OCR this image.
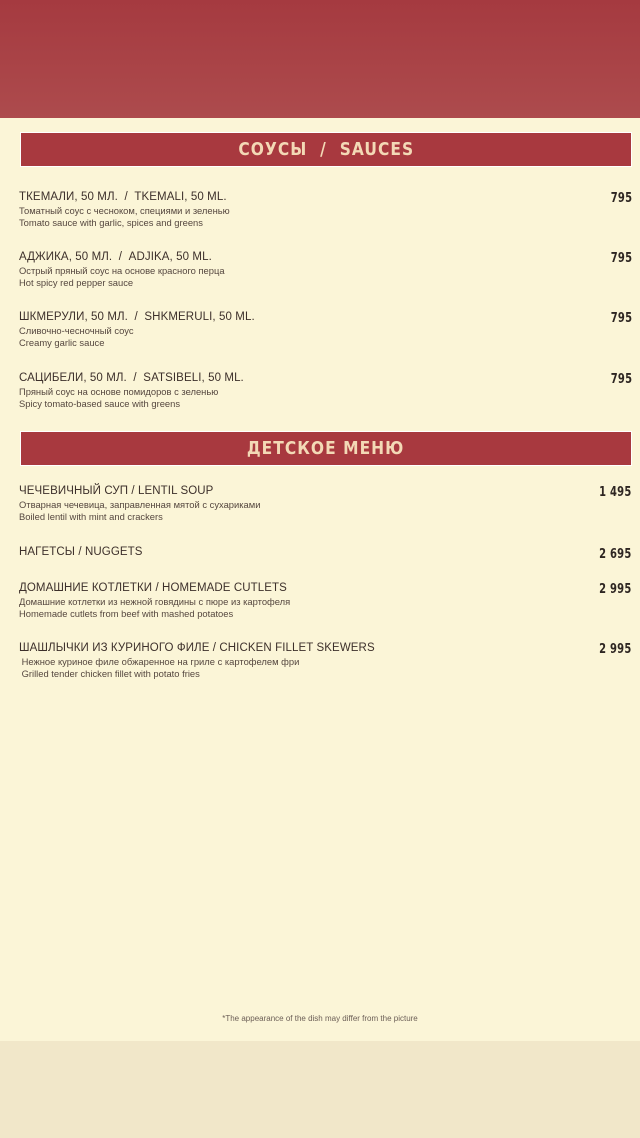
СОУСЫ  /  SAUCES
ТКЕМАЛИ, 50 МЛ.  /  TKEMALI, 50 ML.
Томатный соус с чесноком, специями и зеленью
Tomato sauce with garlic, spices and greens
795
АДЖИКА, 50 МЛ.  /  ADJIKA, 50 ML.
Острый пряный соус на основе красного перца
Hot spicy red pepper sauce
795
ШКМЕРУЛИ, 50 МЛ.  /  SHKMERULI, 50 ML.
Сливочно-чесночный соус
Creamy garlic sauce
795
САЦИБЕЛИ, 50 МЛ.  /  SATSIBELI, 50 ML.
Пряный соус на основе помидоров с зеленью
Spicy tomato-based sauce with greens
795
ДЕТСКОЕ МЕНЮ
ЧЕЧЕВИЧНЫЙ СУП / LENTIL SOUP
Отварная чечевица, заправленная мятой с сухариками
Boiled lentil with mint and crackers
1 495
НАГЕТСЫ / NUGGETS	2 695
ДОМАШНИЕ КОТЛЕТКИ / HOMEMADE CUTLETS
Домашние котлетки из нежной говядины с пюре из картофеля
Homemade cutlets from beef with mashed potatoes
2 995
ШАШЛЫЧКИ ИЗ КУРИНОГО ФИЛЕ / CHICKEN FILLET SKEWERS
Нежное куриное филе обжаренное на гриле с картофелем фри
Grilled tender chicken fillet with potato fries
2 995
*The appearance of the dish may differ from the picture
